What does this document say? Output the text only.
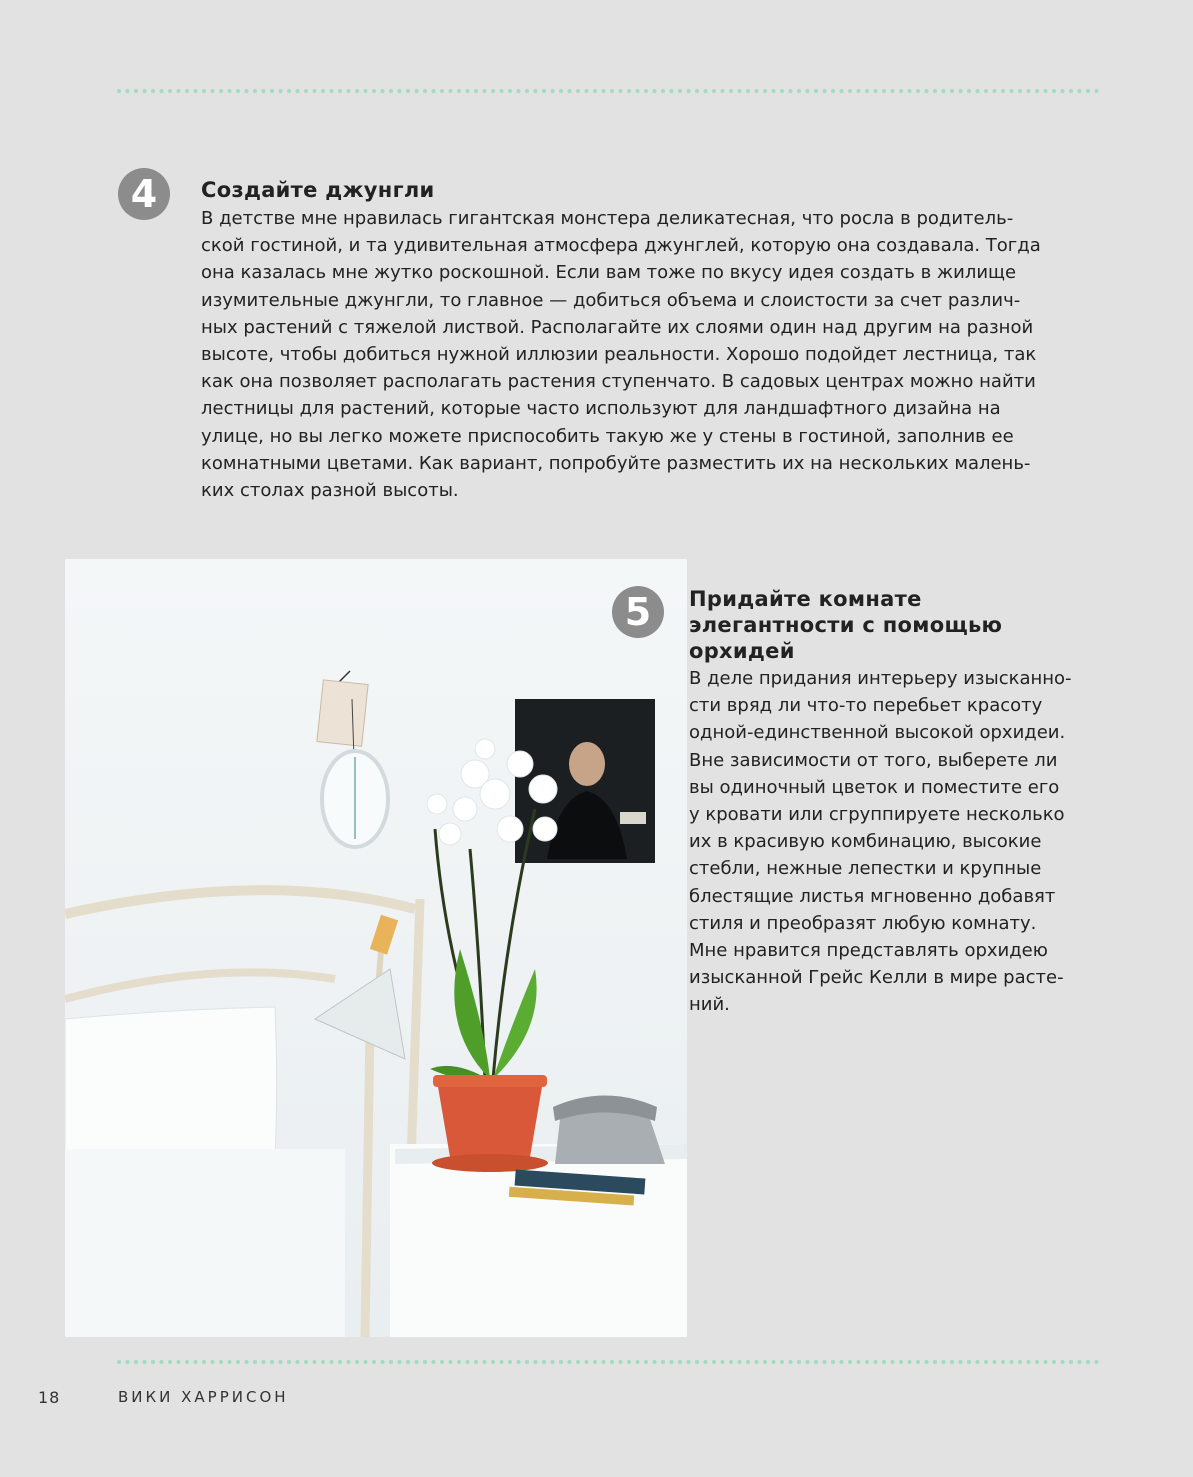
4	Создайте джунгли
В детстве мне нравилась гигантская монстера деликатесная, что росла в родитель-
ской гостиной, и та удивительная атмосфера джунглей, которую она создавала. Тогда
она казалась мне жутко роскошной. Если вам тоже по вкусу идея создать в жилище
изумительные джунгли, то главное — добиться объема и слоистости за счет различ-
ных растений с тяжелой листвой. Располагайте их слоями один над другим на разной
высоте, чтобы добиться нужной иллюзии реальности. Хорошо подойдет лестница, так
как она позволяет располагать растения ступенчато. В садовых центрах можно найти
лестницы для растений, которые часто используют для ландшафтного дизайна на
улице, но вы легко можете приспособить такую же у стены в гостиной, заполнив ее
комнатными цветами. Как вариант, попробуйте разместить их на нескольких малень-
ких столах разной высоты.
5	Придайте комнате
элегантности с помощью
орхидей
В деле придания интерьеру изысканно-
сти вряд ли что-то перебьет красоту
одной-единственной высокой орхидеи.
Вне зависимости от того, выберете ли
вы одиночный цветок и поместите его
у кровати или сгруппируете несколько
их в красивую комбинацию, высокие
стебли, нежные лепестки и крупные
блестящие листья мгновенно добавят
стиля и преобразят любую комнату.
Мне нравится представлять орхидею
изысканной Грейс Келли в мире расте-
ний.
18	ВИКИ ХАРРИСОН
